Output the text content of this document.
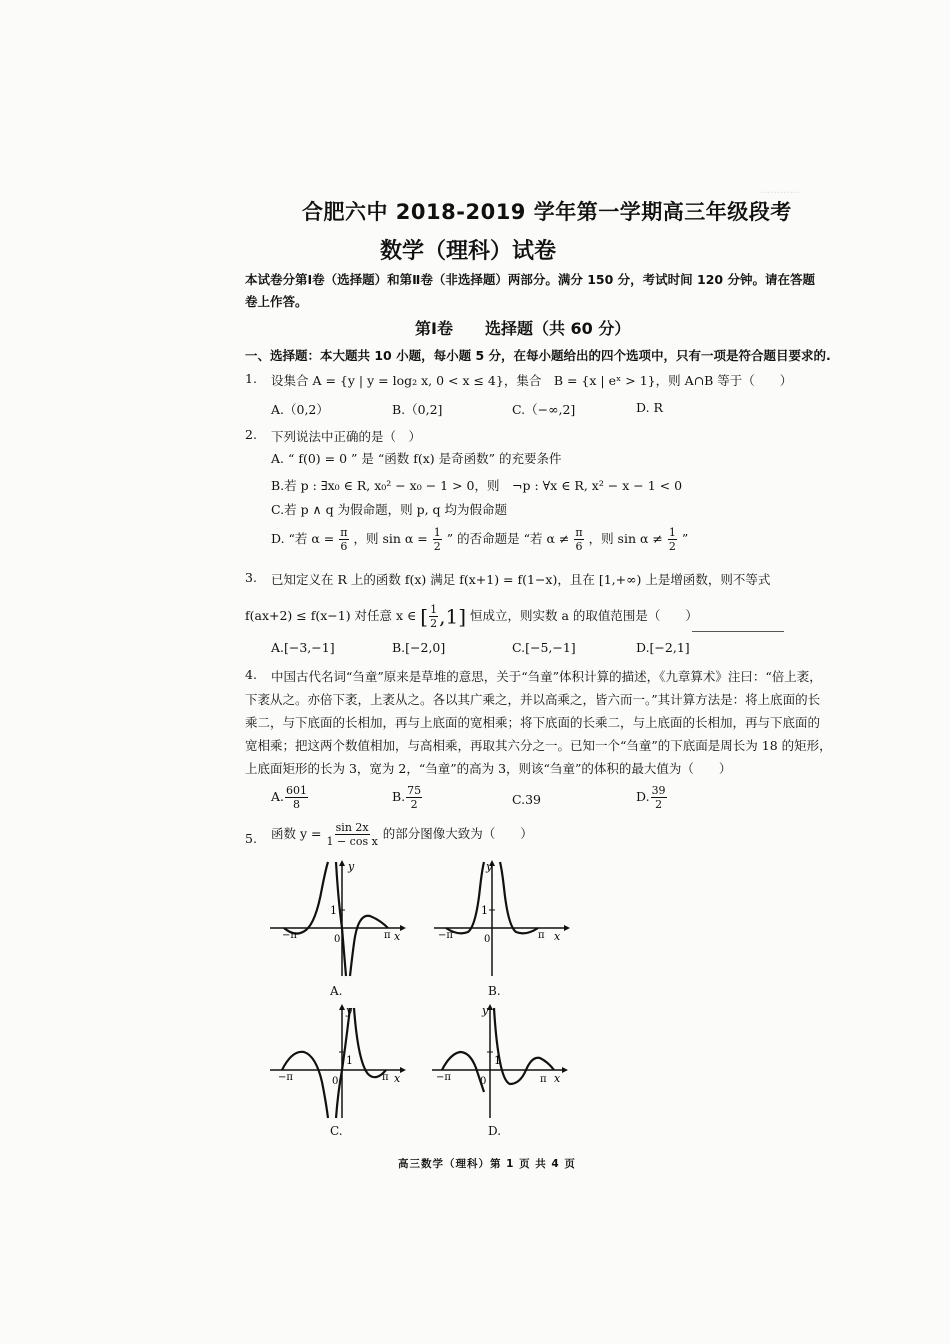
…………

合肥六中 2018-2019 学年第一学期高三年级段考
数学（理科）试卷
本试卷分第Ⅰ卷（选择题）和第Ⅱ卷（非选择题）两部分。满分 150 分，考试时间 120 分钟。请在答题
卷上作答。
第Ⅰ卷　　选择题（共 60 分）
一、选择题：本大题共 10 小题，每小题 5 分，在每小题给出的四个选项中，只有一项是符合题目要求的.
1. 设集合 A = {y | y = log₂ x, 0 < x ≤ 4}，集合　B = {x | eˣ > 1}，则 A∩B 等于（　　）
A.（0,2）	B.（0,2]	C.（−∞,2]	D. R
2. 下列说法中正确的是（　）
A. “ f(0) = 0 ” 是 “函数 f(x) 是奇函数” 的充要条件
B.若 p : ∃x₀ ∈ R, x₀² − x₀ − 1 > 0，则　¬p : ∀x ∈ R, x² − x − 1 < 0
C.若 p ∧ q 为假命题，则 p, q 均为假命题
D. “若 $\alpha = \frac{\pi}{6}$ ，则 $\sin \alpha = \frac{1}{2}$ ” 的否命题是 “若 $\alpha \ne \frac{\pi}{6}$ ，则 $\sin \alpha \ne \frac{1}{2}$ ”
3. 已知定义在 R 上的函数 f(x) 满足 f(x+1) = f(1−x)，且在 [1,+∞) 上是增函数，则不等式
f(ax+2) ≤ f(x−1) 对任意 x ∈ [ $\frac{1}{2} ,1$] 恒成立，则实数 a 的取值范围是（　　）
A.[−3,−1]	B.[−2,0]	C.[−5,−1]	D.[−2,1]
4. 中国古代名词“刍童”原来是草堆的意思，关于“刍童”体积计算的描述，《九章算术》注曰：“倍上袤，
下袤从之。亦倍下袤，上袤从之。各以其广乘之，并以高乘之，皆六而一。”其计算方法是：将上底面的长
乘二，与下底面的长相加，再与上底面的宽相乘；将下底面的长乘二，与上底面的长相加，再与下底面的
宽相乘；把这两个数值相加，与高相乘，再取其六分之一。已知一个“刍童”的下底面是周长为 18 的矩形，
上底面矩形的长为 3，宽为 2，“刍童”的高为 3，则该“刍童”的体积的最大值为（　　）
A. $\frac{601}{8}$	B. $\frac{75}{2}$	C.39	D. $\frac{39}{2}$
5. 函数 $y = \frac{\sin 2x}{\text{1 − cos x}}$ 的部分图像大致为（　　）
1
0
−π	π x
y
A.
1
0
−π	π x
y
B.
1
0
−π	π x
y
C.
1
0
−π	π x
y
D.
高三数学（理科）第 1 页 共 4 页
